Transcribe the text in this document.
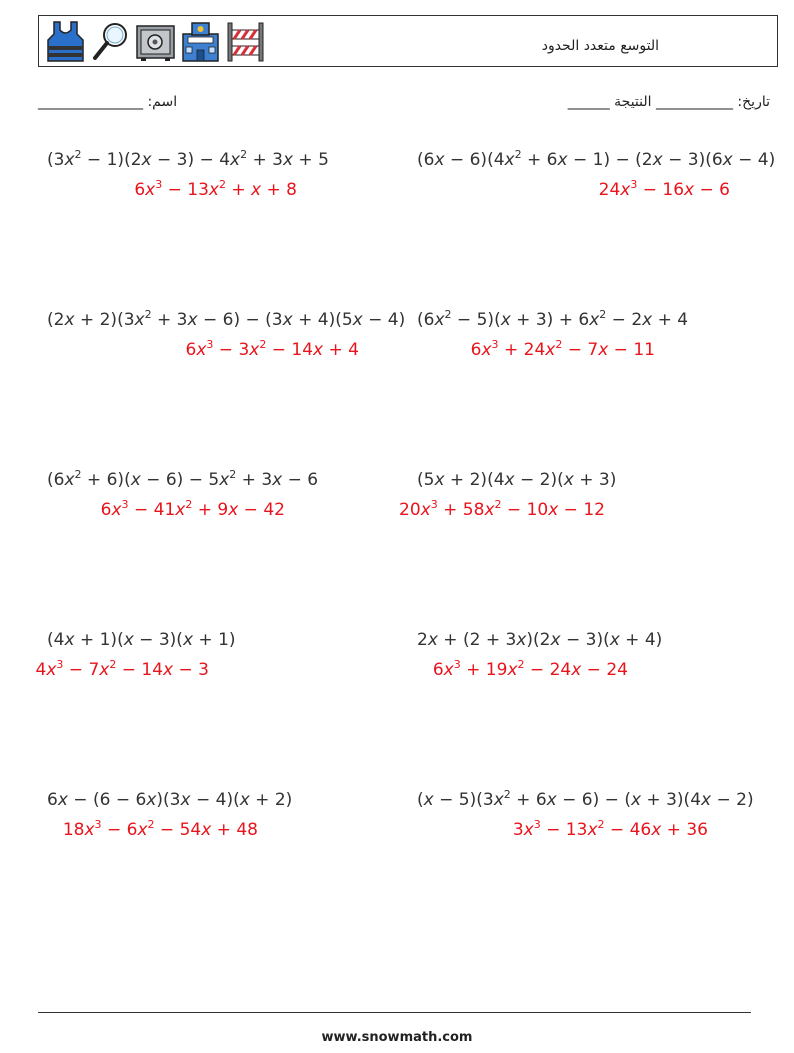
التوسع متعدد الحدود
اسم: _______________	تاريخ: ___________ النتيجة ______
$(3x^2 - 1)(2x - 3) - 4x^2 + 3x + 5$
$6x^3 - 13x^2 + x + 8$
$(6x - 6)(4x^2 + 6x - 1) - (2x - 3)(6x - 4)$
$24x^3 - 16x - 6$
$(2x + 2)(3x^2 + 3x - 6) - (3x + 4)(5x - 4)$
$6x^3 - 3x^2 - 14x + 4$
$(6x^2 - 5)(x + 3) + 6x^2 - 2x + 4$
$6x^3 + 24x^2 - 7x - 11$
$(6x^2 + 6)(x - 6) - 5x^2 + 3x - 6$
$6x^3 - 41x^2 + 9x - 42$
(5x + 2)(4x − 2)(x + 3)
$20x^3 + 58x^2 - 10x - 12$
(4x + 1)(x − 3)(x + 1)
$4x^3 - 7x^2 - 14x - 3$
2x + (2 + 3x)(2x − 3)(x + 4)
$6x^3 + 19x^2 - 24x - 24$
6x − (6 − 6x)(3x − 4)(x + 2)
$18x^3 - 6x^2 - 54x + 48$
$(x - 5)(3x^2 + 6x - 6) - (x + 3)(4x - 2)$
$3x^3 - 13x^2 - 46x + 36$
www.snowmath.com
